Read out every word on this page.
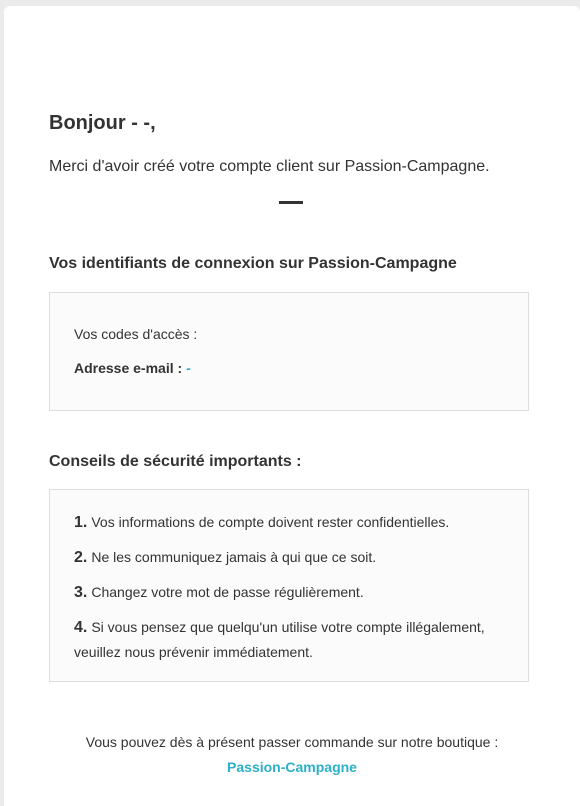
Bonjour - -,

Merci d'avoir créé votre compte client sur Passion-Campagne.

Vos identifiants de connexion sur Passion-Campagne
Vos codes d'accès :
Adresse e-mail : -
Conseils de sécurité importants :
1. Vos informations de compte doivent rester confidentielles.
2. Ne les communiquez jamais à qui que ce soit.
3. Changez votre mot de passe régulièrement.
4. Si vous pensez que quelqu'un utilise votre compte illégalement, veuillez nous prévenir immédiatement.
Vous pouvez dès à présent passer commande sur notre boutique :
Passion-Campagne
